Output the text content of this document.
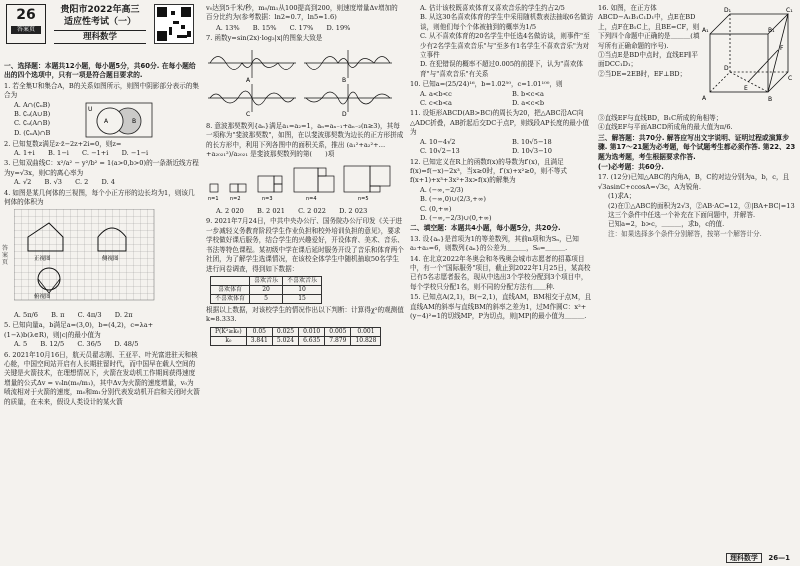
26
答案页
贵阳市2022年高三
适应性考试（一）
理科数学
一、选择题：本题共12小题，每小题5分，共60分. 在每小题给出的四个选项中，只有一项是符合题目要求的.
1. 若全集U和集合A，B的关系如图所示，则图中阴影部分表示的集合为
A. A∩(∁ᵤB)
B. ∁ᵤ(A∪B)
C. ∁ᵤ(A∩B)
D. (∁ᵤA)∩B
U
A	B
2. 已知复数z满足z·z̄−2z+2i=0，则z=
A. 1+i　　B. 1−i　　C. −1+i　　D. −1−i
3. 已知双曲线C：x²/a² − y²/b² = 1(a>0,b>0)的一条渐近线方程为y=√3x，则C的离心率为
A. √2　　B. √3　　C. 2　　D. 4
4. 如图是某几何体的三视图，每个小正方形的边长均为1，则该几何体的体积为
正视图	侧视图
俯视图
A. 5π/6　　B. π　　C. 4π/3　　D. 2π
5. 已知向量a，b满足a=(3,0)，b=(4,2)，c=λa+(1−λ)b(λ∈R)，则|c|的最小值为
A. 5　　B. 12/5　　C. 36/5　　D. 48/5
6. 2021年10月16日，航天员翟志刚、王亚平、叶光富进驻天和核心舱，中国空间站开启有人长期驻留时代，而中国早在载人空间的关键是火箭技术，在理想情况下，火箭在发动机工作期间获得速度增量的公式Δv = v₀ln(m₀/m₁)，其中Δv为火箭的速度增量，v₀为喷流相对于火箭的速度，m₀和m₁分别代表发动机开启和关闭时火箭的质量，在未来，假设人类设计的某火箭
答案页
v₀达到5千米/秒，m₀/m₁从100提高到200，则速度增量Δv增加的百分比约为(参考数据：ln2≈0.7，ln5≈1.6)
A. 13%　　B. 15%　　C. 17%　　D. 19%
7. 函数y=sin(2x)·log₂|x|的图象大致是
A	B
C	D
8. 意波那契数列{aₙ}满足a₁=a₂=1，aₙ=aₙ₋₁+aₙ₋₂(n≥3)，其每一项称为"斐波那契数"，如图，在以斐波那契数为边长的正方形拼成的长方形中，利用下列各图中的面积关系，推出 (a₁²+a₂²+…+a₂₀₂₁²)/a₂₀₂₁ 是斐波那契数列的第(　　)项
n=1 n=2	n=3	n=4	n=5
A. 2 020　　B. 2 021　　C. 2 022　　D. 2 023
9. 2021年7月24日，中共中央办公厅、国务院办公厅印发《关于进一步减轻义务教育阶段学生作业负担和校外培训负担的意见》，要求学校做好课后服务，结合学生的兴趣爱好，开设体育、美术、音乐、书法等特色课程。某初级中学在课后延时服务开设了音乐和体育两个社团，为了解学生选课情况，在该校全体学生中随机抽取50名学生进行问卷调查，得到如下数据：
	喜欢音乐	不喜欢音乐
喜欢体育	20	10
不喜欢体育	5	15
根据以上数据，对该校学生的情况作出以下判断：计算得χ²的观测值k≈8.333.
P(K²≥k₀)	0.05	0.025	0.010	0.005	0.001
k₀	3.841	5.024	6.635	7.879	10.828
A. 估计该校既喜欢体育又喜欢音乐的学生约占2/5
B. 从这30名喜欢体育的学生中采用随机数表法抽取6名做访谈，则他们每个个体被抽到的概率为1/5
C. 从不喜欢体育的20名学生中任选4名做访谈，则事件"至少有2名学生喜欢音乐"与"至多有1名学生不喜欢音乐"为对立事件
D. 在犯错误的概率不超过0.005的前提下，认为"喜欢体育"与"喜欢音乐"有关系
10. 已知a=(25/24)¹⁶，b=1.02⁵⁰，c=1.01¹⁰⁰，则
A. a<b<c	B. b<c<a
C. c<b<a	D. a<c<b
11. 设矩形ABCD(AB>BC)的周长为20，把△ABC沿AC向△ADC折叠，AB折起后交DC于点P，则线段AP长度的最小值为
A. 10−4√2	B. 10√5−18
C. 10√2−13	D. 10√3−10
12. 已知定义在R上的函数f(x)的导数为f′(x)，且满足f(x)=f(−x)−2x³，当x≥0时，f′(x)+x²≥0，则不等式f(x+1)+x³+3x²+3x>f(x)的解集为
A. (−∞,−2/3)
B. (−∞,0)∪(2/3,+∞)
C. (0,+∞)
D. (−∞,−2/3)∪(0,+∞)
二、填空题：本题共4小题，每小题5分，共20分.
13. 设{aₙ}是首项为1的等差数列，其前n项和为Sₙ，已知a₂+a₃=6，则数列{aₙ}的公差为＿＿＿，S₆=＿＿＿.
14. 在北京2022年冬奥会和冬残奥会城市志愿者的招募项目中，有一个"国际服务"项目，截止到2022年1月25日，某高校已有5名志愿者报名，现从中选出3个学校分配到3个项目中，每个学校只分配1名，则不同的分配方法有＿＿种.
15. 已知点A(2,1)，B(−2,1)，直线AM，BM相交于点M，且直线AM的斜率与直线BM的斜率之差为1，过M作圆C：x²+(y−4)²=1的切线MP，P为切点，则|MP|的最小值为＿＿＿.
16. 如图，在正方体ABCD−A₁B₁C₁D₁中，点E在BD上，点F在B₁C上，且BE=CF，则下列四个命题中正确的是＿＿＿(填写所有正确命题的序号).
①当点E是BD中点时，直线EF∥平面DCC₁D₁；
②当DE=2EB时，EF⊥BD；
D₁	C₁
A₁	B₁
D
C
A	B
E
F
③直线EF与直线BD，B₁C所成的角相等；
④直线EF与平面ABCD所成角的最大值为π/6.
三、解答题：共70分. 解答应写出文字说明、证明过程或演算步骤. 第17～21题为必考题，每个试题考生都必须作答. 第22、23题为选考题，考生根据要求作答.
(一)必考题：共60分.
17. (12分)已知△ABC的内角A，B，C的对边分别为a，b，c，且√3asinC+ccosA=√3c，A为锐角.
(1)求A；
(2)在①△ABC的面积为2√3，②AB·AC=12，③|BA+BC|=13这三个条件中任选一个补充在下面问题中，并解答.
已知a=2，b>c，＿＿＿，求b，c的值.
注：如果选择多个条件分别解答，按第一个解答计分.
理科数学 26—1
